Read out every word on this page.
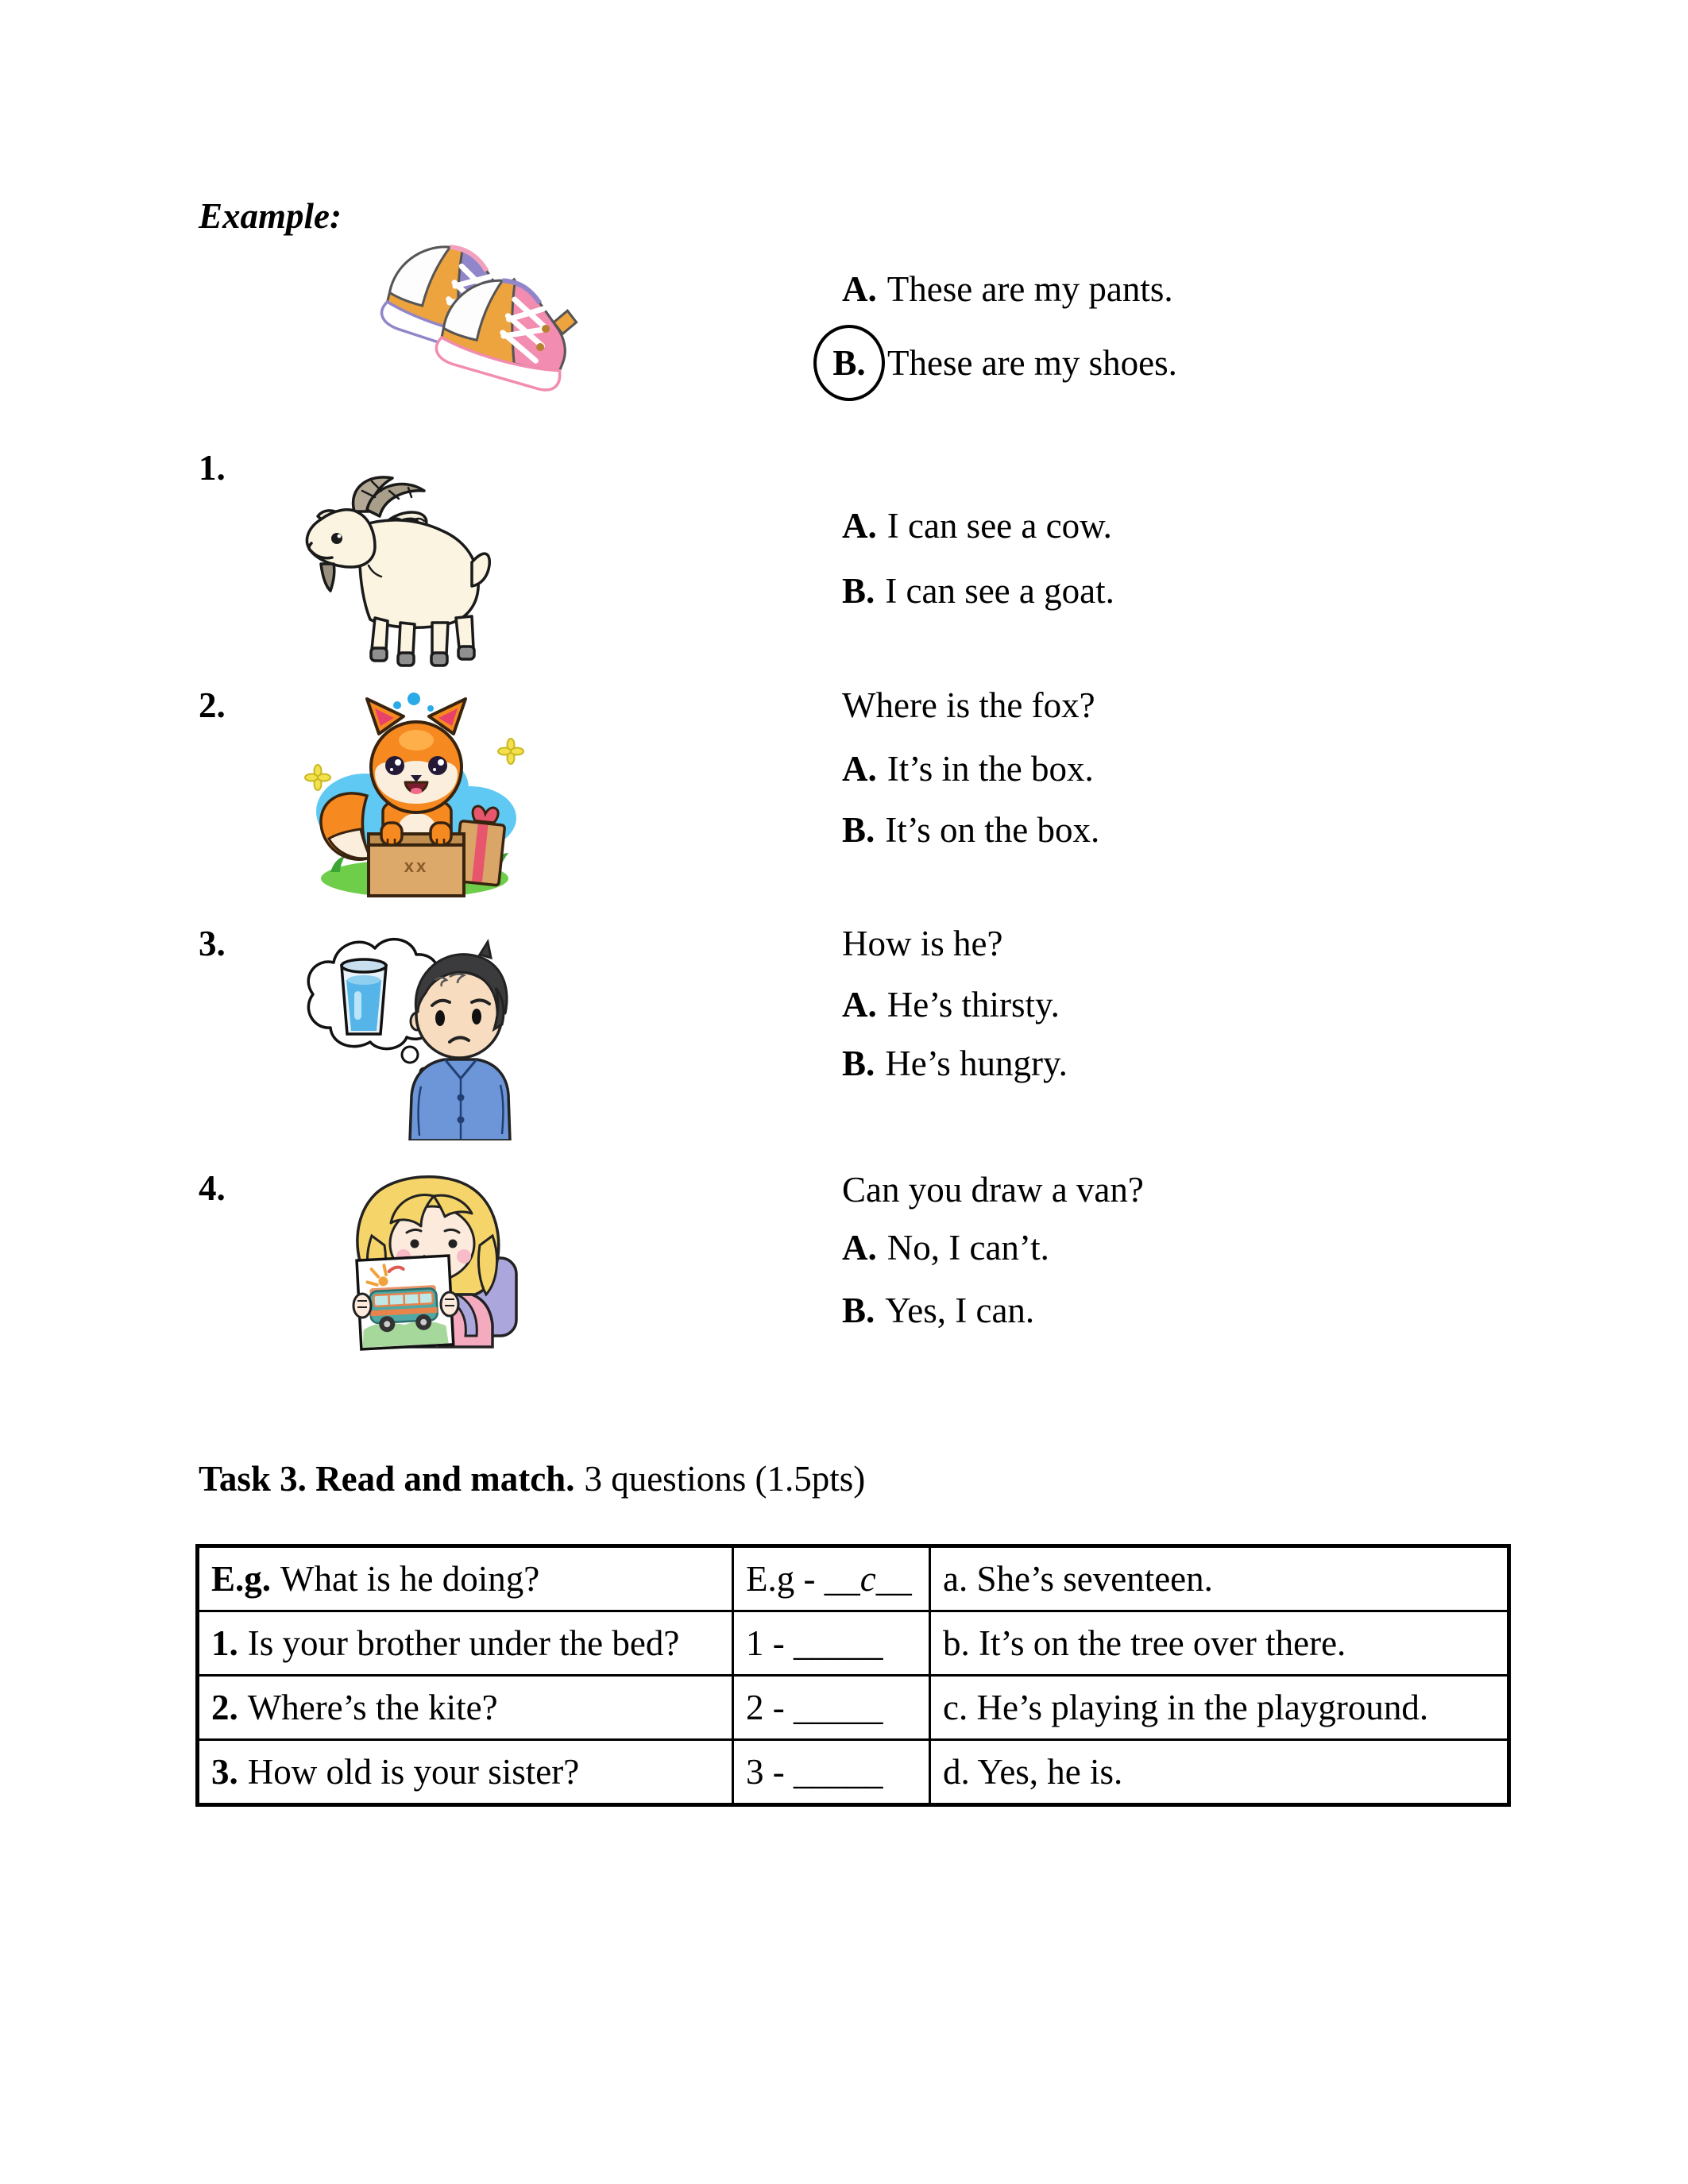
Example:
A. These are my pants.
B. These are my shoes.
1.
A. I can see a cow.
B. I can see a goat.
2.
xx
Where is the fox?
A. It’s in the box.
B. It’s on the box.
3.	How is he?
A. He’s thirsty.
B. He’s hungry.
4.	Can you draw a van?
A. No, I can’t.
B. Yes, I can.
Task 3. Read and match. 3 questions (1.5pts)
E.g. What is he doing?	E.g - __c__	a. She’s seventeen.
1. Is your brother under the bed?	1 - _____	b. It’s on the tree over there.
2. Where’s the kite?	2 - _____	c. He’s playing in the playground.
3. How old is your sister?	3 - _____	d. Yes, he is.
